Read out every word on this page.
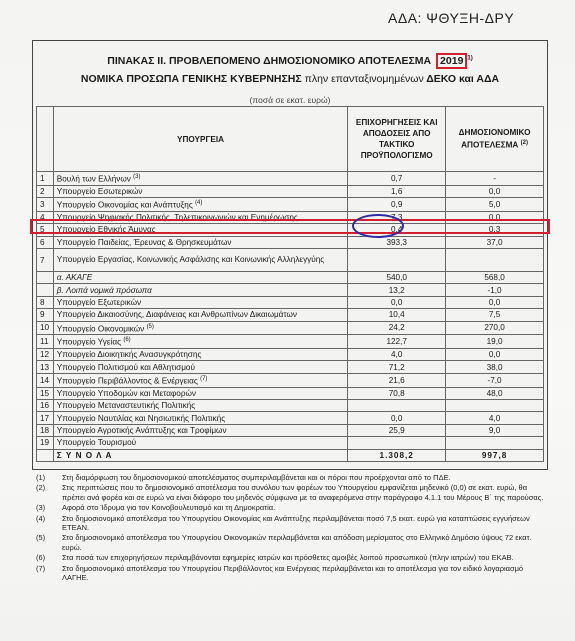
ΑΔΑ: ΨΘΥΞΗ-ΔΡΥ
ΠΙΝΑΚΑΣ ΙΙ. ΠΡΟΒΛΕΠΟΜΕΝΟ ΔΗΜΟΣΙΟΝΟΜΙΚΟ ΑΠΟΤΕΛΕΣΜΑ 2019 $^{1)}$
ΝΟΜΙΚΑ ΠΡΟΣΩΠΑ ΓΕΝΙΚΗΣ ΚΥΒΕΡΝΗΣΗΣ πλην επανταξινομημένων ΔΕΚΟ και ΑΔΑ
(ποσά σε εκατ. ευρώ)
	ΥΠΟΥΡΓΕΙΑ	ΕΠΙΧΟΡΗΓΗΣΕΙΣ ΚΑΙ ΑΠΟΔΟΣΕΙΣ ΑΠΟ ΤΑΚΤΙΚΟ ΠΡΟΫΠΟΛΟΓΙΣΜΟ	ΔΗΜΟΣΙΟΝΟΜΙΚΟ ΑΠΟΤΕΛΕΣΜΑ $^{(2)}$
1	Βουλή των Ελλήνων $^{(3)}$	0,7	-
2	Υπουργείο Εσωτερικών	1,6	0,0
3	Υπουργείο Οικονομίας και Ανάπτυξης $^{(4)}$	0,9	5,0
4	Υπουργείο Ψηφιακής Πολιτικής, Τηλεπικοινωνιών και Ενημέρωσης	7,3	0,0
5	Υπουργείο Εθνικής Άμυνας	0,4	0,3
6	Υπουργείο Παιδείας, Έρευνας & Θρησκευμάτων	393,3	37,0
7	Υπουργείο Εργασίας, Κοινωνικής Ασφάλισης και Κοινωνικής Αλληλεγγύης		
	α. ΑΚΑΓΕ	540,0	568,0
	β. Λοιπά νομικά πρόσωπα	13,2	-1,0
8	Υπουργείο Εξωτερικών	0,0	0,0
9	Υπουργείο Δικαιοσύνης, Διαφάνειας και Ανθρωπίνων Δικαιωμάτων	10,4	7,5
10	Υπουργείο Οικονομικών $^{(5)}$	24,2	270,0
11	Υπουργείο Υγείας $^{(6)}$	122,7	19,0
12	Υπουργείο Διοικητικής Ανασυγκρότησης	4,0	0,0
13	Υπουργείο Πολιτισμού και Αθλητισμού	71,2	38,0
14	Υπουργείο Περιβάλλοντος & Ενέργειας $^{(7)}$	21,6	-7,0
15	Υπουργείο Υποδομών και Μεταφορών	70,8	48,0
16	Υπουργείο Μεταναστευτικής Πολιτικής		
17	Υπουργείο Ναυτιλίας και Νησιωτικής Πολιτικής	0,0	4,0
18	Υπουργείο Αγροτικής Ανάπτυξης και Τροφίμων	25,9	9,0
19	Υπουργείο Τουρισμού		
	Σ Υ Ν Ο Λ Α	1.308,2	997,8
(1)	Στη διαμόρφωση του δημοσιονομικού αποτελέσματος συμπεριλαμβάνεται και οι πόροι που προέρχονται από το ΠΔΕ.
(2)	Στις περιπτώσεις που το δημοσιονομικό αποτέλεσμα του συνόλου των φορέων του Υπουργείου εμφανίζεται μηδενικό (0,0) σε εκατ. ευρώ, θα πρέπει ανά φορέα και σε ευρώ να είναι διάφορο του μηδενός σύμφωνα με τα αναφερόμενα στην παράγραφο 4.1.1 του Μέρους Β΄ της παρούσας.
(3)	Αφορά στο Ίδρυμα για τον Κοινοβουλευτισμό και τη Δημοκρατία.
(4)	Στο δημοσιονομικό αποτέλεσμα του Υπουργείου Οικονομίας και Ανάπτυξης περιλαμβάνεται ποσό 7,5 εκατ. ευρώ για καταπτώσεις εγγυήσεων ΕΤΕΑΝ.
(5)	Στο δημοσιονομικό αποτέλεσμα του Υπουργείου Οικονομικών περιλαμβάνεται και απόδοση μερίσματος στο Ελληνικό Δημόσιο ύψους 72 εκατ. ευρώ.
(6)	Στα ποσά των επιχορηγήσεων περιλαμβάνονται εφημερίες ιατρών και πρόσθετες αμοιβές λοιπού προσωπικού (πλην ιατρών) του ΕΚΑΒ.
(7)	Στο δημοσιονομικό αποτέλεσμα του Υπουργείου Περιβάλλοντος και Ενέργειας περιλαμβάνεται και το αποτέλεσμα για τον ειδικό λογαριασμό ΛΑΓΗΕ.
